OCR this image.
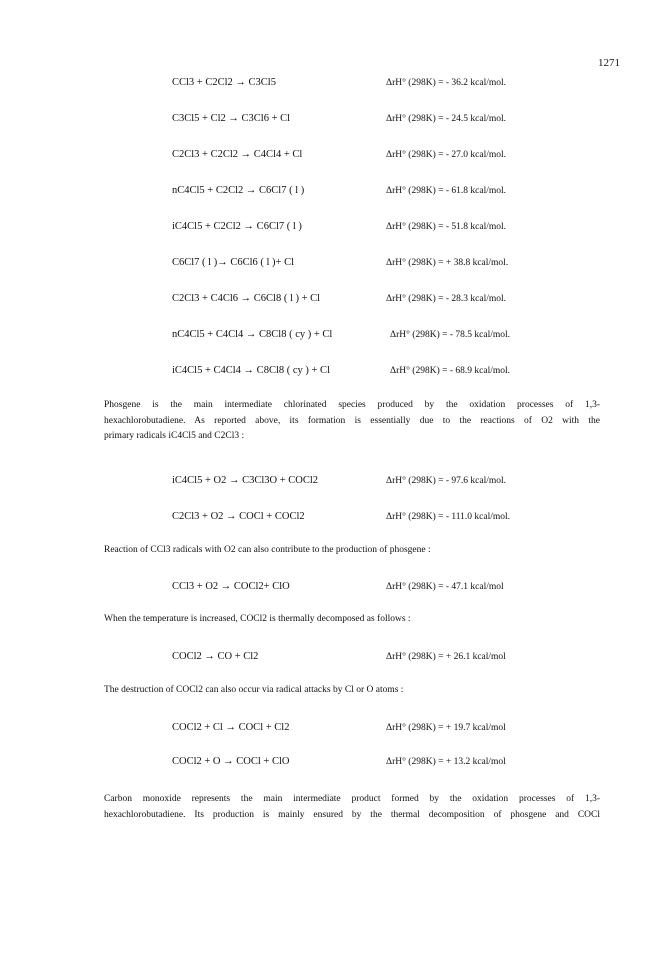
1271
CCl3 + C2Cl2 → C3Cl5	ΔrH° (298K) = - 36.2 kcal/mol.
C3Cl5 + Cl2 → C3Cl6 + Cl	ΔrH° (298K) = - 24.5 kcal/mol.
C2Cl3 + C2Cl2 → C4Cl4 + Cl	ΔrH° (298K) = - 27.0 kcal/mol.
nC4Cl5 + C2Cl2 → C6Cl7 ( l )	ΔrH° (298K) = - 61.8 kcal/mol.
iC4Cl5 + C2Cl2 → C6Cl7 ( l )	ΔrH° (298K) = - 51.8 kcal/mol.
C6Cl7 ( l )→ C6Cl6 ( l )+ Cl	ΔrH° (298K) = + 38.8 kcal/mol.
C2Cl3 + C4Cl6 → C6Cl8 ( l ) + Cl	ΔrH° (298K) = - 28.3 kcal/mol.
nC4Cl5 + C4Cl4 → C8Cl8 ( cy ) + Cl	ΔrH° (298K) = - 78.5 kcal/mol.
iC4Cl5 + C4Cl4 → C8Cl8 ( cy ) + Cl	ΔrH° (298K) = - 68.9 kcal/mol.
Phosgene is the main intermediate chlorinated species produced by the oxidation processes of 1,3-
hexachlorobutadiene. As reported above, its formation is essentially due to the reactions of O2 with the
primary radicals iC4Cl5 and C2Cl3 :
iC4Cl5 + O2 → C3Cl3O + COCl2	ΔrH° (298K) = - 97.6 kcal/mol.
C2Cl3 + O2 → COCl + COCl2	ΔrH° (298K) = - 111.0 kcal/mol.
Reaction of CCl3 radicals with O2 can also contribute to the production of phosgene :
CCl3 + O2 → COCl2+ ClO	ΔrH° (298K) = - 47.1 kcal/mol
When the temperature is increased, COCl2 is thermally decomposed as follows :
COCl2 → CO + Cl2	ΔrH° (298K) = + 26.1 kcal/mol
The destruction of COCl2 can also occur via radical attacks by Cl or O atoms :
COCl2 + Cl → COCl + Cl2	ΔrH° (298K) = + 19.7 kcal/mol
COCl2 + O → COCl + ClO	ΔrH° (298K) = + 13.2 kcal/mol
Carbon monoxide represents the main intermediate product formed by the oxidation processes of 1,3-
hexachlorobutadiene. Its production is mainly ensured by the thermal decomposition of phosgene and COCl
